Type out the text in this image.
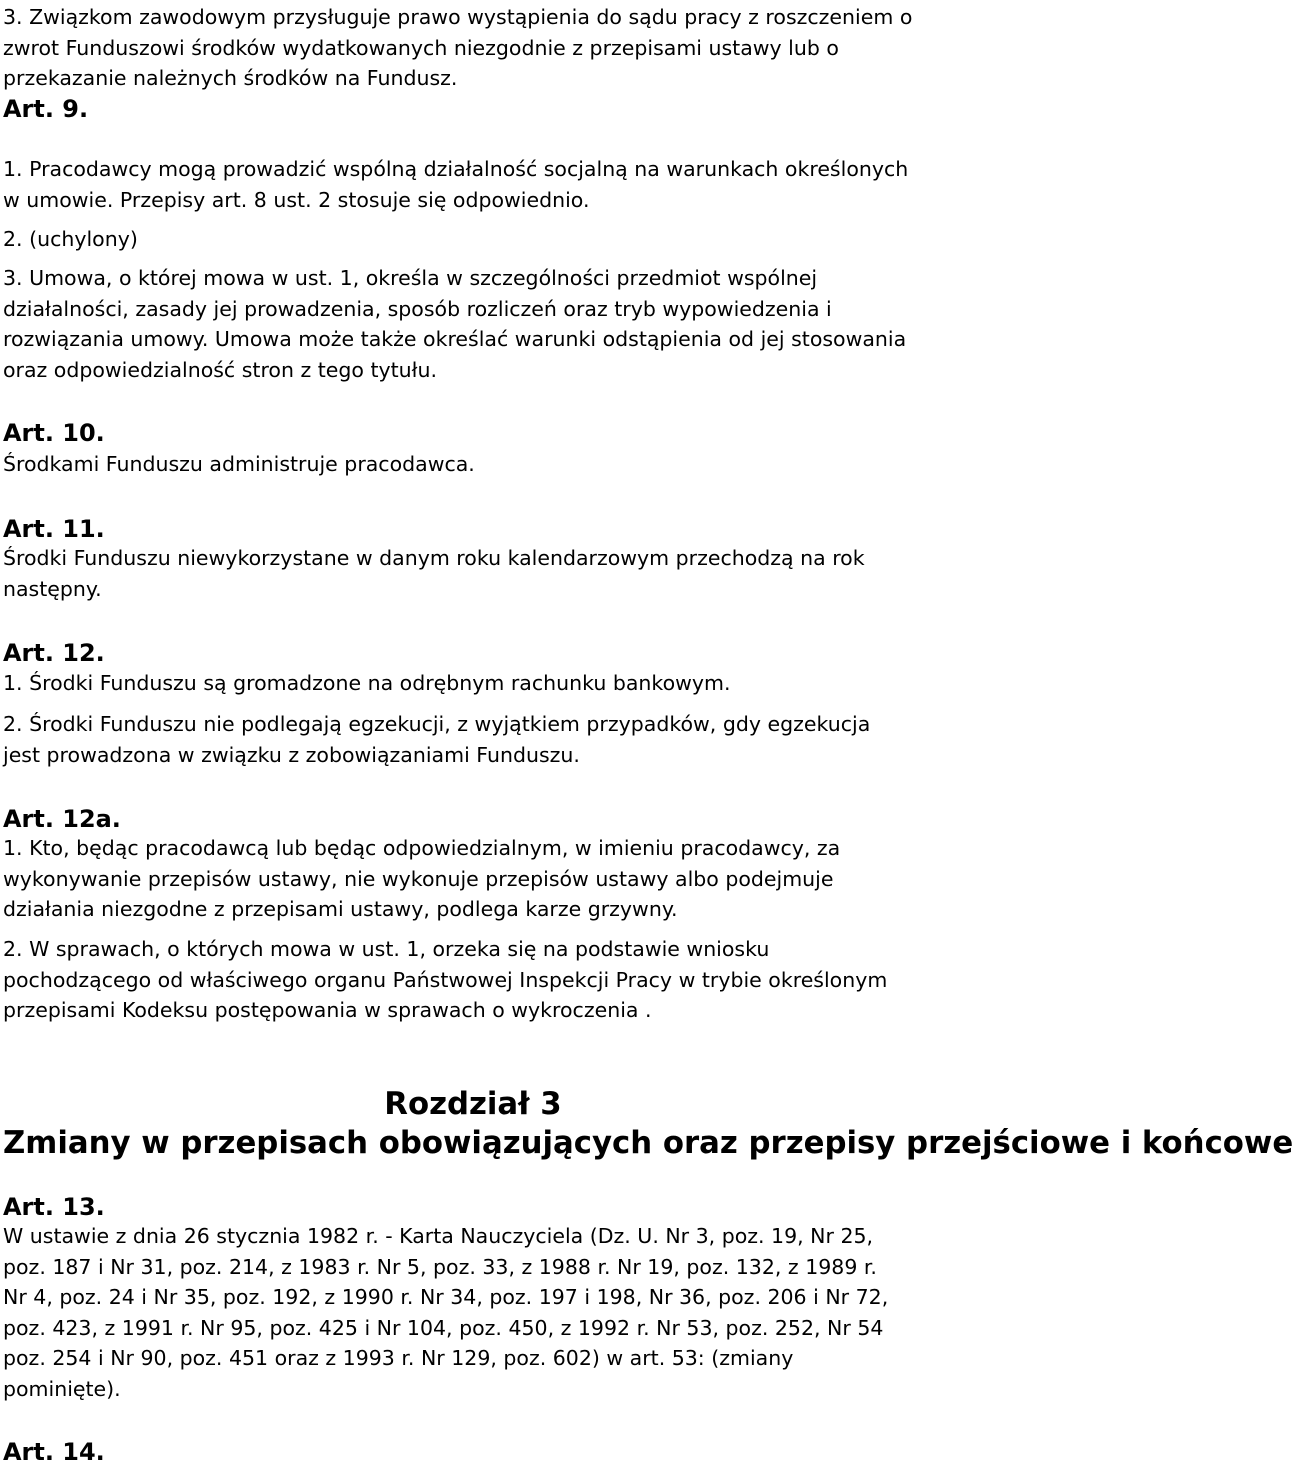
3. Związkom zawodowym przysługuje prawo wystąpienia do sądu pracy z roszczeniem o
zwrot Funduszowi środków wydatkowanych niezgodnie z przepisami ustawy lub o
przekazanie należnych środków na Fundusz.

Art. 9.

1. Pracodawcy mogą prowadzić wspólną działalność socjalną na warunkach określonych
w umowie. Przepisy art. 8 ust. 2 stosuje się odpowiednio.

2. (uchylony)

3. Umowa, o której mowa w ust. 1, określa w szczególności przedmiot wspólnej
działalności, zasady jej prowadzenia, sposób rozliczeń oraz tryb wypowiedzenia i
rozwiązania umowy. Umowa może także określać warunki odstąpienia od jej stosowania
oraz odpowiedzialność stron z tego tytułu.

Art. 10.

Środkami Funduszu administruje pracodawca.

Art. 11.

Środki Funduszu niewykorzystane w danym roku kalendarzowym przechodzą na rok
następny.

Art. 12.

1. Środki Funduszu są gromadzone na odrębnym rachunku bankowym.

2. Środki Funduszu nie podlegają egzekucji, z wyjątkiem przypadków, gdy egzekucja
jest prowadzona w związku z zobowiązaniami Funduszu.

Art. 12a.

1. Kto, będąc pracodawcą lub będąc odpowiedzialnym, w imieniu pracodawcy, za
wykonywanie przepisów ustawy, nie wykonuje przepisów ustawy albo podejmuje
działania niezgodne z przepisami ustawy, podlega karze grzywny.

2. W sprawach, o których mowa w ust. 1, orzeka się na podstawie wniosku
pochodzącego od właściwego organu Państwowej Inspekcji Pracy w trybie określonym
przepisami Kodeksu postępowania w sprawach o wykroczenia .

Rozdział 3
Zmiany w przepisach obowiązujących oraz przepisy przejściowe i końcowe
Art. 13.

W ustawie z dnia 26 stycznia 1982 r. - Karta Nauczyciela (Dz. U. Nr 3, poz. 19, Nr 25,
poz. 187 i Nr 31, poz. 214, z 1983 r. Nr 5, poz. 33, z 1988 r. Nr 19, poz. 132, z 1989 r.
Nr 4, poz. 24 i Nr 35, poz. 192, z 1990 r. Nr 34, poz. 197 i 198, Nr 36, poz. 206 i Nr 72,
poz. 423, z 1991 r. Nr 95, poz. 425 i Nr 104, poz. 450, z 1992 r. Nr 53, poz. 252, Nr 54
poz. 254 i Nr 90, poz. 451 oraz z 1993 r. Nr 129, poz. 602) w art. 53: (zmiany
pominięte).

Art. 14.
